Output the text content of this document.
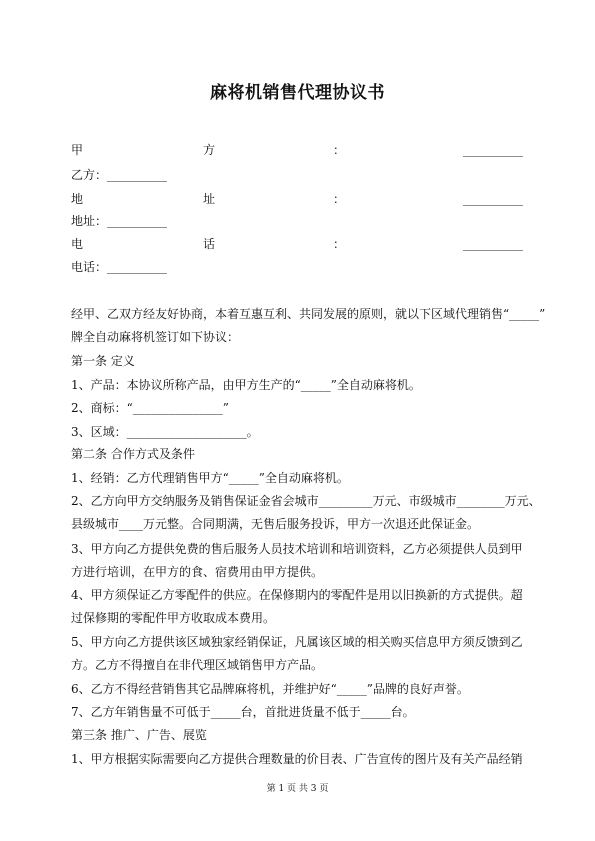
麻将机销售代理协议书
甲	方	：	__________
乙方：__________
地	址	：	__________
地址：__________
电	话	：	__________
电话：__________
经甲、乙双方经友好协商，本着互惠互利、共同发展的原则，就以下区域代理销售“_____”
牌全自动麻将机签订如下协议：
第一条 定义
1、产品：本协议所称产品，由甲方生产的“_____”全自动麻将机。
2、商标：“_______________”
3、区域：____________________。
第二条 合作方式及条件
1、经销：乙方代理销售甲方“_____”全自动麻将机。
2、乙方向甲方交纳服务及销售保证金省会城市_________万元、市级城市________万元、
县级城市____万元整。合同期满，无售后服务投诉，甲方一次退还此保证金。
3、甲方向乙方提供免费的售后服务人员技术培训和培训资料，乙方必须提供人员到甲
方进行培训，在甲方的食、宿费用由甲方提供。
4、甲方须保证乙方零配件的供应。在保修期内的零配件是用以旧换新的方式提供。超
过保修期的零配件甲方收取成本费用。
5、甲方向乙方提供该区域独家经销保证，凡属该区域的相关购买信息甲方须反馈到乙
方。乙方不得擅自在非代理区域销售甲方产品。
6、乙方不得经营销售其它品牌麻将机，并维护好“_____”品牌的良好声誉。
7、乙方年销售量不可低于_____台，首批进货量不低于_____台。
第三条 推广、广告、展览
1、甲方根据实际需要向乙方提供合理数量的价目表、广告宣传的图片及有关产品经销
第 1 页 共 3 页
